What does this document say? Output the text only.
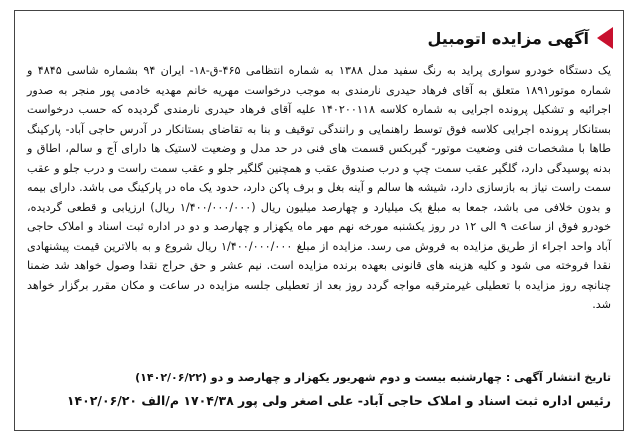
آگهی مزایده اتومبیل

یک دستگاه خودرو سواری پراید به رنگ سفید مدل ۱۳۸۸ به شماره انتظامی ۴۶۵-ق-۱۸- ایران ۹۴ بشماره شاسی ۴۸۴۵ و شماره موتور۱۸۹۱ متعلق به آقای فرهاد حیدری نارمندی به موجب درخواست مهریه خانم مهدیه خادمی پور منجر به صدور اجرائیه و تشکیل پرونده اجرایی به شماره کلاسه ۱۴۰۲۰۰۱۱۸ علیه آقای فرهاد حیدری نارمندی گردیده که حسب درخواست بستانکار پرونده اجرایی کلاسه فوق توسط راهنمایی و رانندگی توقیف و بنا به تقاضای بستانکار در آدرس حاجی آباد- پارکینگ طاها با مشخصات فنی وضعیت موتور- گیربکس قسمت های فنی در حد مدل و وضعیت لاستیک ها دارای آج و سالم، اطاق و بدنه پوسیدگی دارد، گلگیر عقب سمت چپ و درب صندوق عقب و همچنین گلگیر جلو و عقب سمت راست و درب جلو و عقب سمت راست نیاز به بازسازی دارد، شیشه ها سالم و آینه بغل و برف پاکن دارد، حدود یک ماه در پارکینگ می باشد. دارای بیمه و بدون خلافی می باشد، جمعا به مبلغ یک میلیارد و چهارصد میلیون ریال (۱/۴۰۰/۰۰۰/۰۰۰ ریال) ارزیابی و قطعی گردیده، خودرو فوق از ساعت ۹ الی ۱۲ در روز یکشنبه مورخه نهم مهر ماه یکهزار و چهارصد و دو در اداره ثبت اسناد و املاک حاجی آباد واحد اجراء از طریق مزایده به فروش می رسد. مزایده از مبلغ ۱/۴۰۰/۰۰۰/۰۰۰ ریال شروع و به بالاترین قیمت پیشنهادی نقدا فروخته می شود و کلیه هزینه های قانونی بعهده برنده مزایده است. نیم عشر و حق حراج نقدا وصول خواهد شد ضمنا چنانچه روز مزایده با تعطیلی غیرمترقبه مواجه گردد روز بعد از تعطیلی جلسه مزایده در ساعت و مکان مقرر برگزار خواهد شد.

تاریخ انتشار آگهی : چهارشنبه بیست و دوم شهریور یکهزار و چهارصد و دو (۱۴۰۲/۰۶/۲۲)
رئیس اداره ثبت اسناد و املاک حاجی آباد- علی اصغر ولی پور ۱۷۰۴/۳۸ م/الف ۱۴۰۲/۰۶/۲۰
